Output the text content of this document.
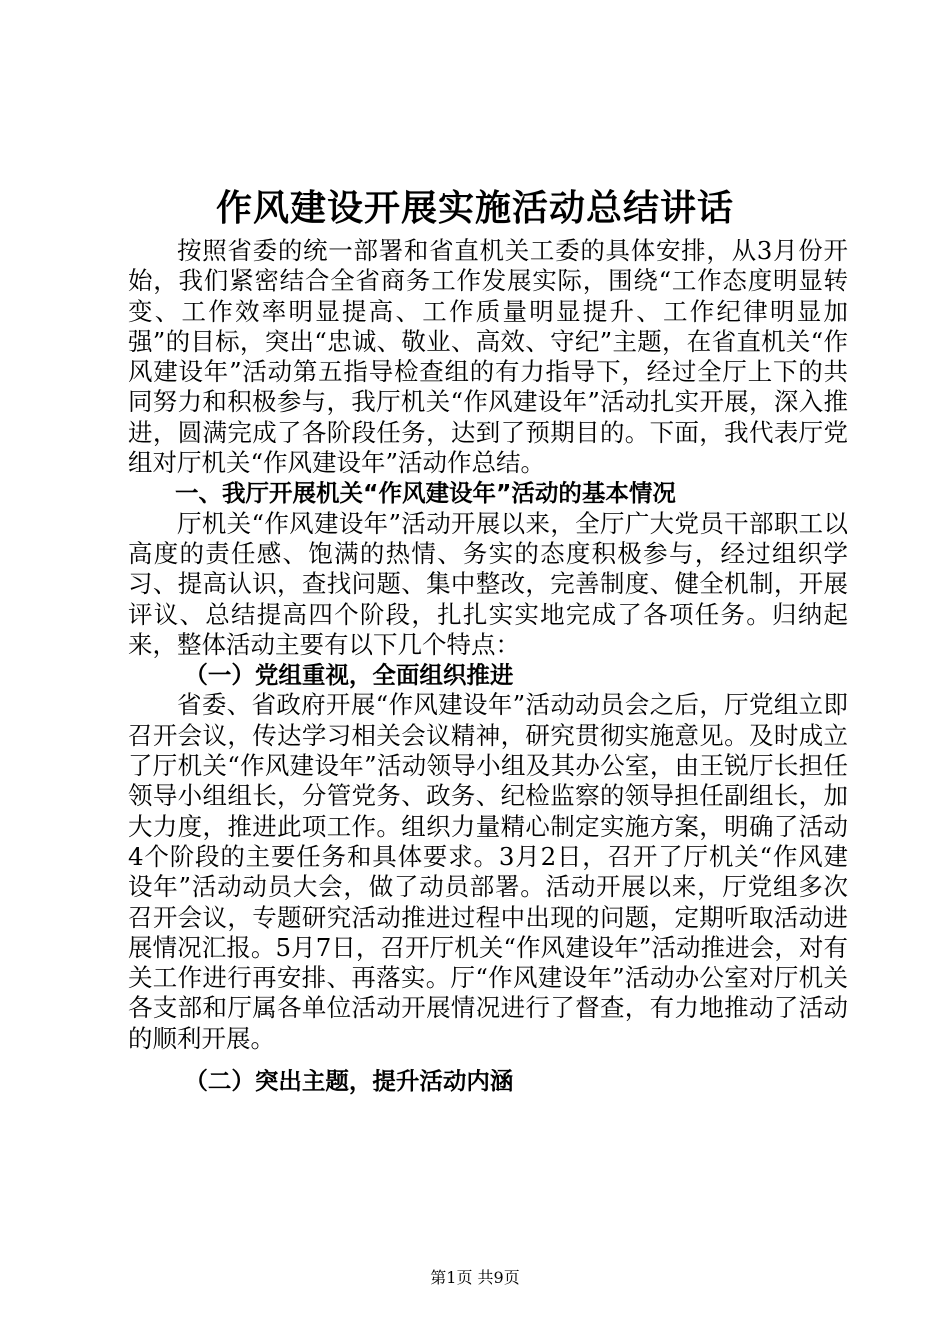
作风建设开展实施活动总结讲话

按照省委的统一部署和省直机关工委的具体安排，从3月份开始，我们紧密结合全省商务工作发展实际，围绕“工作态度明显转变、工作效率明显提高、工作质量明显提升、工作纪律明显加强”的目标，突出“忠诚、敬业、高效、守纪”主题，在省直机关“作风建设年”活动第五指导检查组的有力指导下，经过全厅上下的共同努力和积极参与，我厅机关“作风建设年”活动扎实开展，深入推进，圆满完成了各阶段任务，达到了预期目的。下面，我代表厅党组对厅机关“作风建设年”活动作总结。

一、我厅开展机关“作风建设年”活动的基本情况

厅机关“作风建设年”活动开展以来，全厅广大党员干部职工以高度的责任感、饱满的热情、务实的态度积极参与，经过组织学习、提高认识，查找问题、集中整改，完善制度、健全机制，开展评议、总结提高四个阶段，扎扎实实地完成了各项任务。归纳起来，整体活动主要有以下几个特点：

（一）党组重视，全面组织推进

省委、省政府开展“作风建设年”活动动员会之后，厅党组立即召开会议，传达学习相关会议精神，研究贯彻实施意见。及时成立了厅机关“作风建设年”活动领导小组及其办公室，由王锐厅长担任领导小组组长，分管党务、政务、纪检监察的领导担任副组长，加大力度，推进此项工作。组织力量精心制定实施方案，明确了活动4个阶段的主要任务和具体要求。3月2日，召开了厅机关“作风建设年”活动动员大会，做了动员部署。活动开展以来，厅党组多次召开会议，专题研究活动推进过程中出现的问题，定期听取活动进展情况汇报。5月7日，召开厅机关“作风建设年”活动推进会，对有关工作进行再安排、再落实。厅“作风建设年”活动办公室对厅机关各支部和厅属各单位活动开展情况进行了督查，有力地推动了活动的顺利开展。

（二）突出主题，提升活动内涵

第1页 共9页
